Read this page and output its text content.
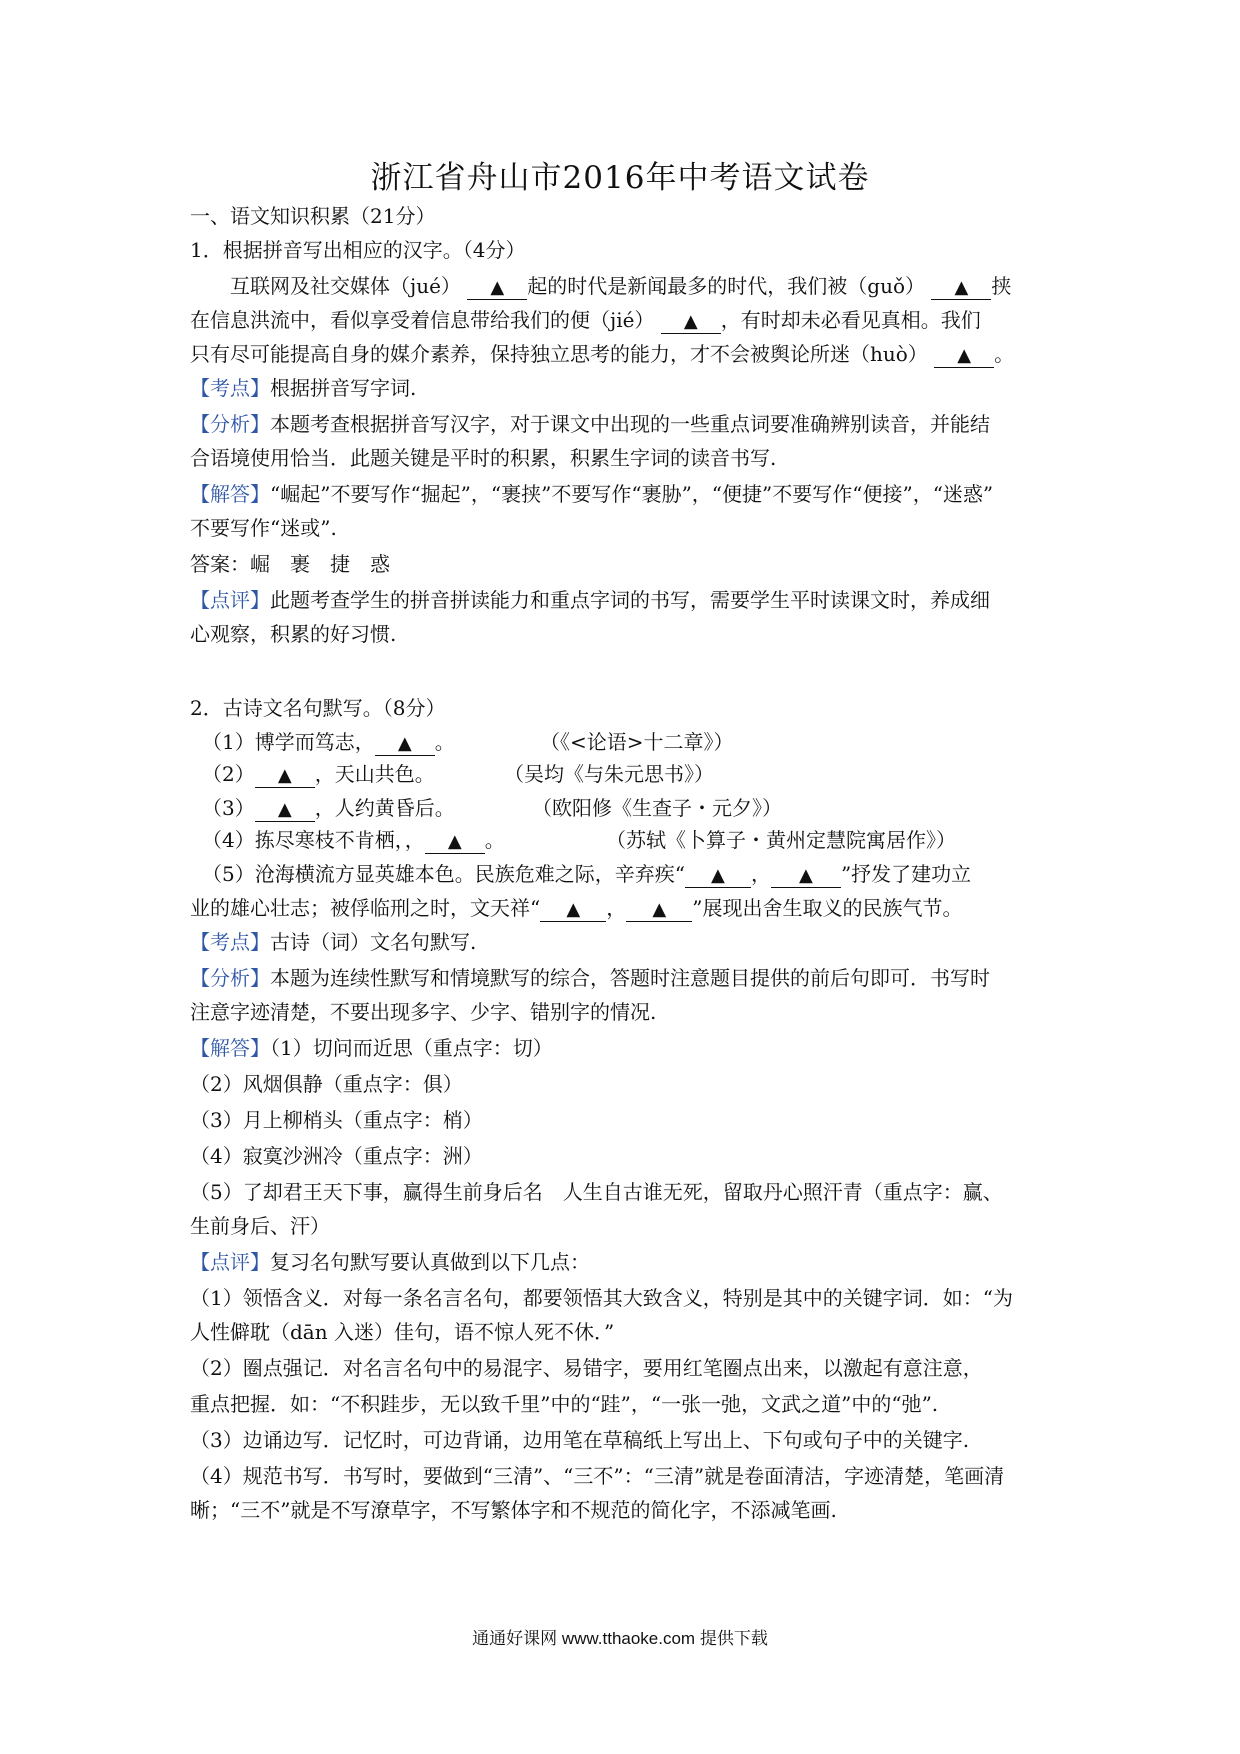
浙江省舟山市2016年中考语文试卷
一、语文知识积累（21分）
1．根据拼音写出相应的汉字。（4分）
互联网及社交媒体（jué） ▲ 起的时代是新闻最多的时代，我们被（guǒ） ▲ 挟
在信息洪流中，看似享受着信息带给我们的便（jié） ▲ ，有时却未必看见真相。我们
只有尽可能提高自身的媒介素养，保持独立思考的能力，才不会被舆论所迷（huò） ▲ 。
【考点】根据拼音写字词.
【分析】本题考查根据拼音写汉字，对于课文中出现的一些重点词要准确辨别读音，并能结
合语境使用恰当．此题关键是平时的积累，积累生字词的读音书写.
【解答】“崛起”不要写作“掘起”，“裹挟”不要写作“裹胁”，“便捷”不要写作“便接”，“迷惑”
不要写作“迷或”.
答案：崛　裹　捷　惑
【点评】此题考查学生的拼音拼读能力和重点字词的书写，需要学生平时读课文时，养成细
心观察，积累的好习惯.
2．古诗文名句默写。（8分）
（1）博学而笃志， ▲ 。	（《<论语>十二章》）
（2） ▲ ，天山共色。	（吴均《与朱元思书》）
（3） ▲ ，人约黄昏后。	（欧阳修《生查子・元夕》）
（4）拣尽寒枝不肯栖，， ▲ 。	（苏轼《卜算子・黄州定慧院寓居作》）
（5）沧海横流方显英雄本色。民族危难之际，辛弃疾“ ▲ ， ▲ ”抒发了建功立
业的雄心壮志；被俘临刑之时，文天祥“ ▲ ， ▲ ”展现出舍生取义的民族气节。
【考点】古诗（词）文名句默写.
【分析】本题为连续性默写和情境默写的综合，答题时注意题目提供的前后句即可．书写时
注意字迹清楚，不要出现多字、少字、错别字的情况.
【解答】（1）切问而近思（重点字：切）
（2）风烟俱静（重点字：俱）
（3）月上柳梢头（重点字：梢）
（4）寂寞沙洲冷（重点字：洲）
（5）了却君王天下事，赢得生前身后名　人生自古谁无死，留取丹心照汗青（重点字：赢、
生前身后、汗）
【点评】复习名句默写要认真做到以下几点：
（1）领悟含义．对每一条名言名句，都要领悟其大致含义，特别是其中的关键字词．如：“为
人性僻耽（dān 入迷）佳句，语不惊人死不休．”
（2）圈点强记．对名言名句中的易混字、易错字，要用红笔圈点出来，以激起有意注意，
重点把握．如：“不积跬步，无以致千里”中的“跬”，“一张一弛，文武之道”中的“弛”.
（3）边诵边写．记忆时，可边背诵，边用笔在草稿纸上写出上、下句或句子中的关键字.
（4）规范书写．书写时，要做到“三清”、“三不”：“三清”就是卷面清洁，字迹清楚，笔画清
晰；“三不”就是不写潦草字，不写繁体字和不规范的简化字，不添减笔画.
通通好课网 www.tthaoke.com 提供下载
